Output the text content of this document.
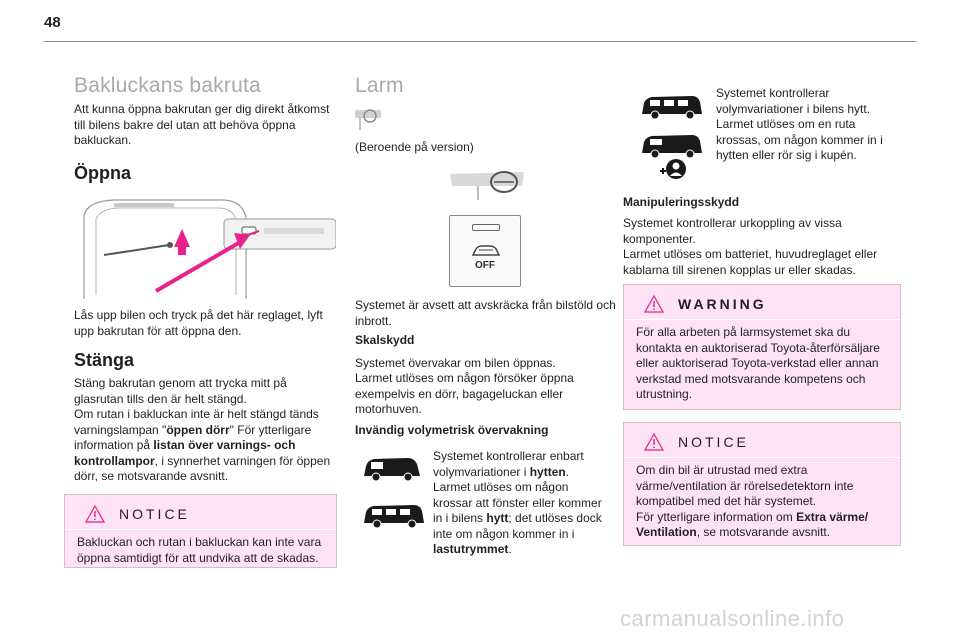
48
Bakluckans bakruta
Att kunna öppna bakrutan ger dig direkt åtkomst till bilens bakre del utan att behöva öppna bakluckan.
Öppna
Lås upp bilen och tryck på det här reglaget, lyft upp bakrutan för att öppna den.
Stänga
Stäng bakrutan genom att trycka mitt på glasrutan tills den är helt stängd.
Om rutan i bakluckan inte är helt stängd tänds varningslampan "öppen dörr" För ytterligare information på listan över varnings- och kontrollampor, i synnerhet varningen för öppen dörr, se motsvarande avsnitt.
NOTICE
Bakluckan och rutan i bakluckan kan inte vara öppna samtidigt för att undvika att de skadas.
Larm
(Beroende på version)
OFF
Systemet är avsett att avskräcka från bilstöld och inbrott.
Skalskydd
Systemet övervakar om bilen öppnas.
Larmet utlöses om någon försöker öppna exempelvis en dörr, bagageluckan eller motorhuven.
Invändig volymetrisk övervakning
Systemet kontrollerar enbart volymvariationer i hytten.
Larmet utlöses om någon krossar att fönster eller kommer in i bilens hytt; det utlöses dock inte om någon kommer in i lastutrymmet.
Systemet kontrollerar volymvariationer i bilens hytt. Larmet utlöses om en ruta krossas, om någon kommer in i hytten eller rör sig i kupén.
Manipuleringsskydd
Systemet kontrollerar urkoppling av vissa komponenter.
Larmet utlöses om batteriet, huvudreglaget eller kablarna till sirenen kopplas ur eller skadas.
WARNING
För alla arbeten på larmsystemet ska du kontakta en auktoriserad Toyota-återförsäljare eller auktoriserad Toyota-verkstad eller annan verkstad med motsvarande kompetens och utrustning.
NOTICE
Om din bil är utrustad med extra värme/ventilation är rörelsedetektorn inte kompatibel med det här systemet.
För ytterligare information om Extra värme/ Ventilation, se motsvarande avsnitt.
carmanualsonline.info
